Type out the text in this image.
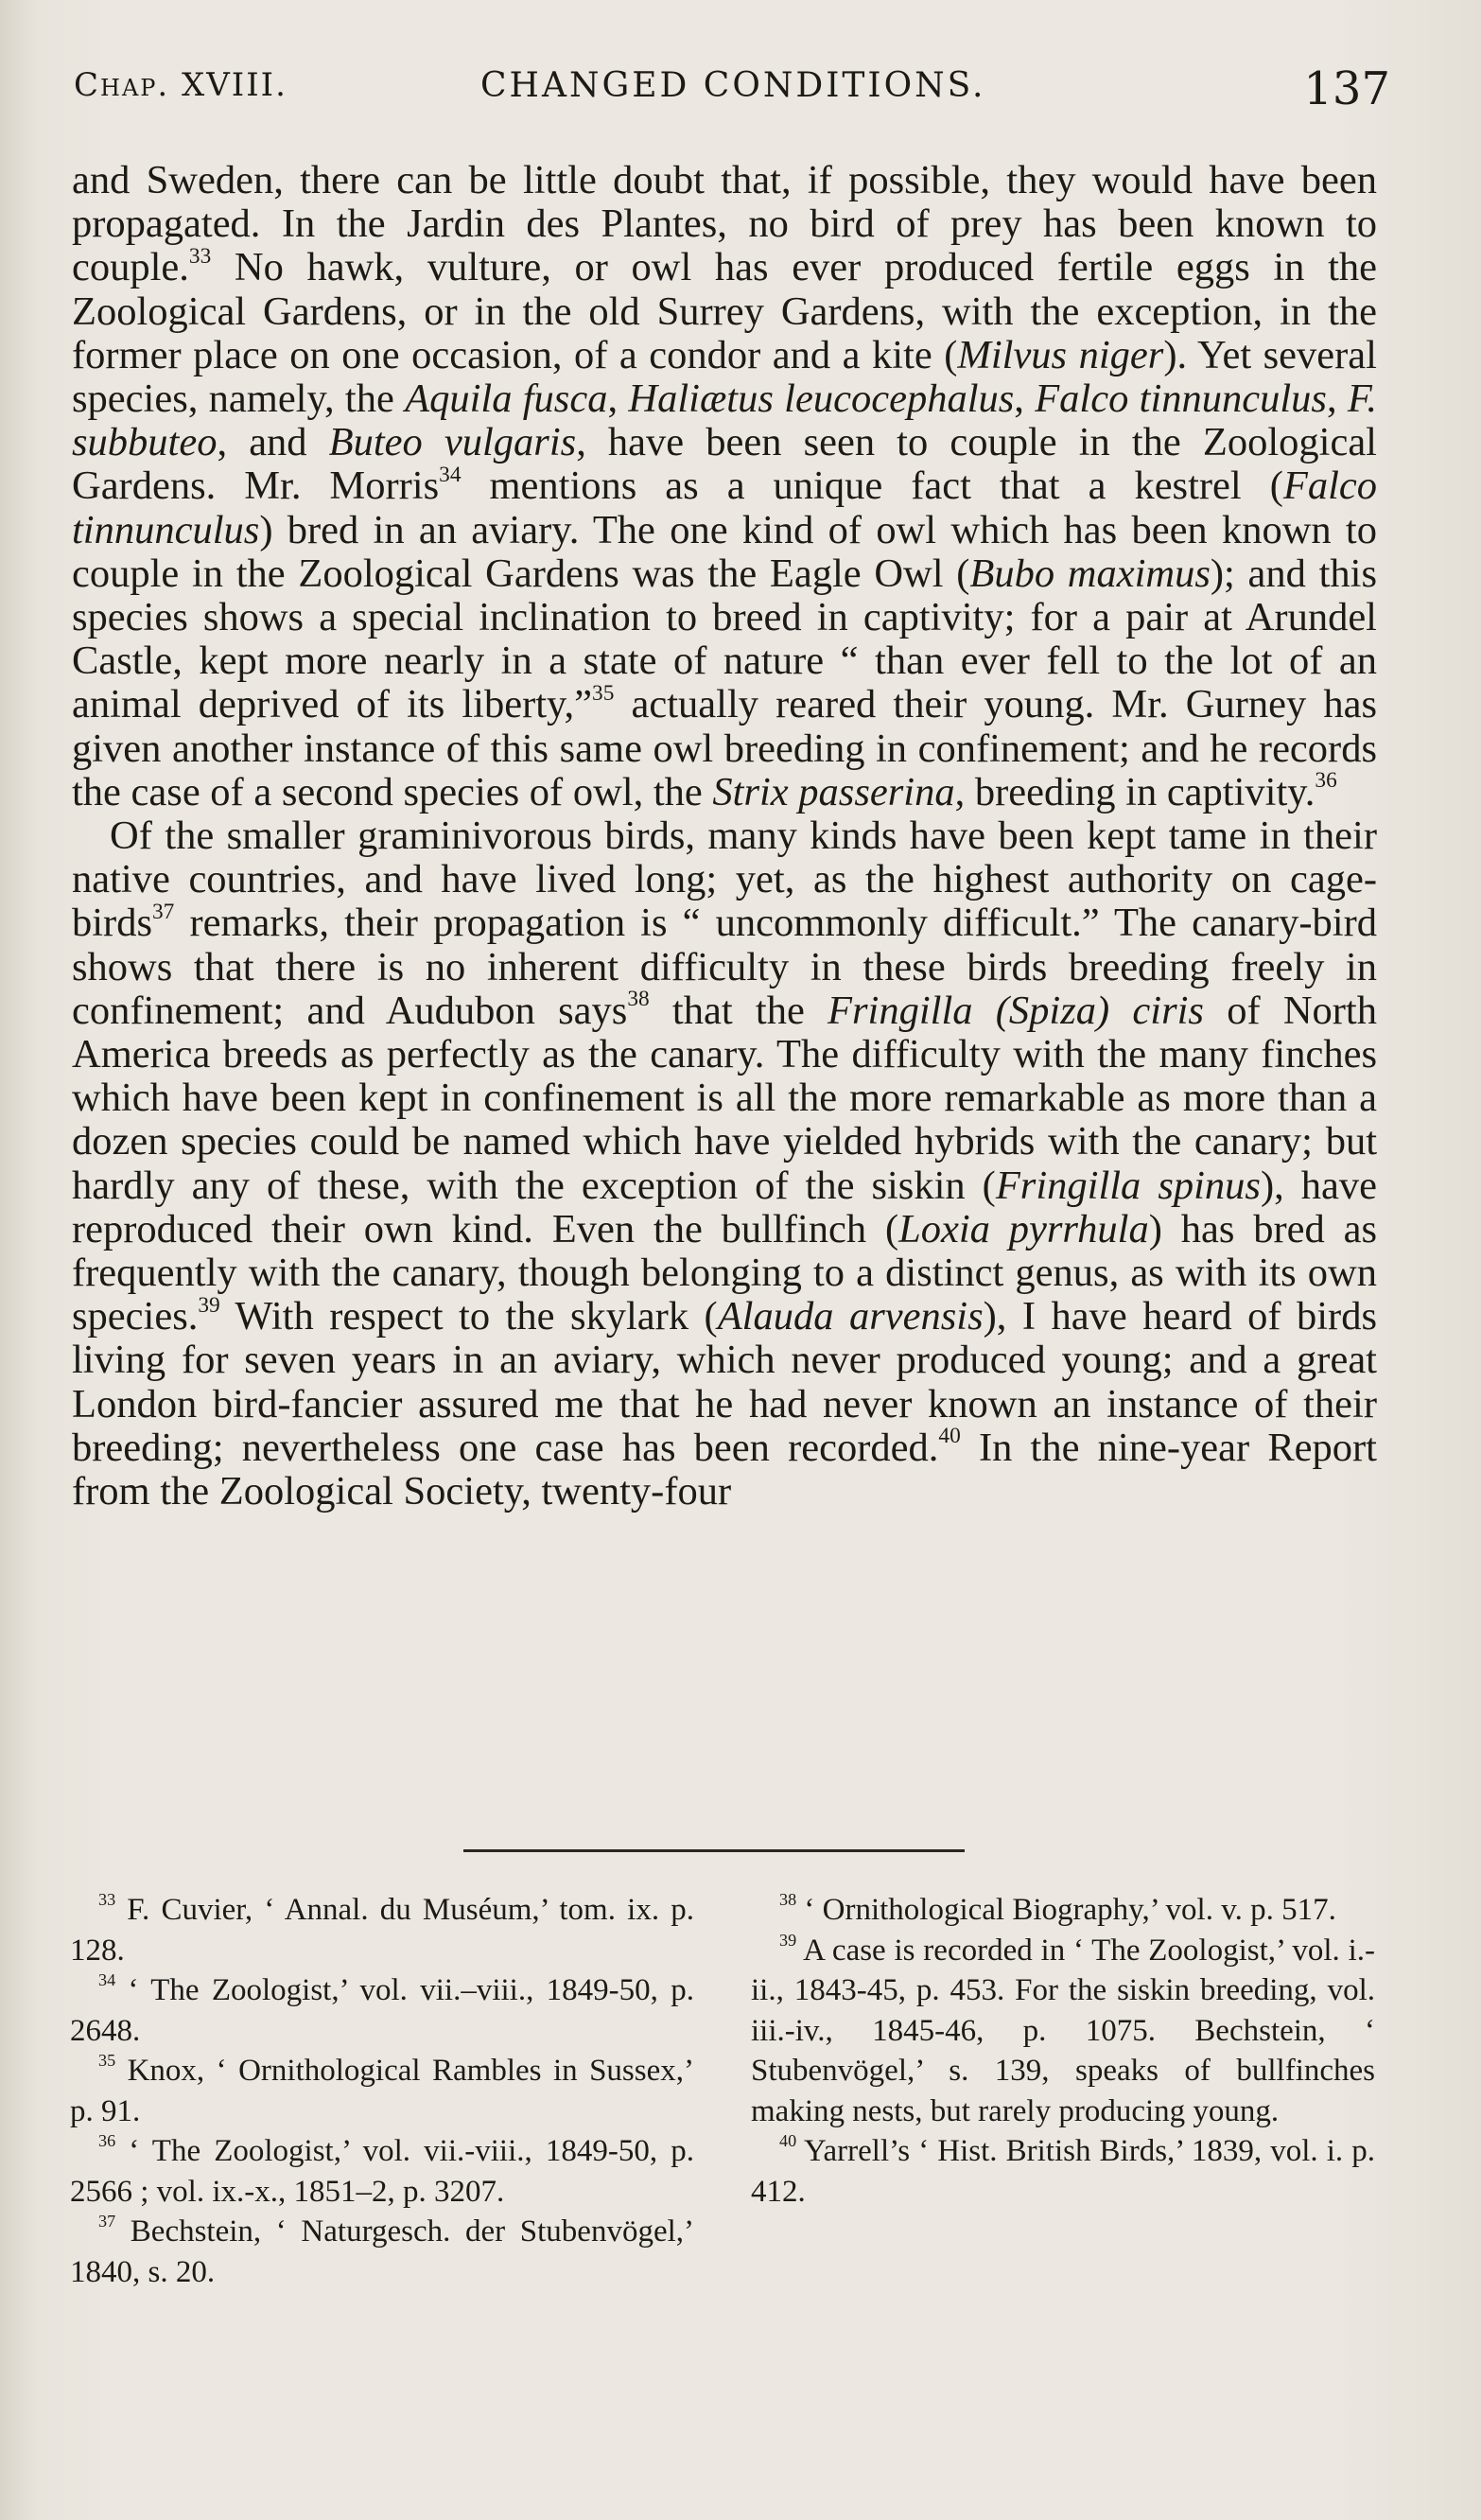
Chap. XVIII.	CHANGED CONDITIONS.	137

and Sweden, there can be little doubt that, if possible, they would have been propagated. In the Jardin des Plantes, no bird of prey has been known to couple.$^{33}$ No hawk, vulture, or owl has ever produced fertile eggs in the Zoological Gardens, or in the old Surrey Gardens, with the exception, in the former place on one occasion, of a condor and a kite (Milvus niger). Yet several species, namely, the Aquila fusca, Haliætus leucocephalus, Falco tinnunculus, F. subbuteo, and Buteo vulgaris, have been seen to couple in the Zoological Gardens. Mr. Morris$^{34}$ mentions as a unique fact that a kestrel (Falco tinnunculus) bred in an aviary. The one kind of owl which has been known to couple in the Zoological Gardens was the Eagle Owl (Bubo maximus); and this species shows a special inclination to breed in captivity; for a pair at Arundel Castle, kept more nearly in a state of nature “ than ever fell to the lot of an animal deprived of its liberty,”$^{35}$ actually reared their young. Mr. Gurney has given another instance of this same owl breeding in confinement; and he records the case of a second species of owl, the Strix passerina, breeding in captivity.$^{36}$

Of the smaller graminivorous birds, many kinds have been kept tame in their native countries, and have lived long; yet, as the highest authority on cage-birds$^{37}$ remarks, their propagation is “ uncommonly difficult.” The canary-bird shows that there is no inherent difficulty in these birds breeding freely in confinement; and Audubon says$^{38}$ that the Fringilla (Spiza) ciris of North America breeds as perfectly as the canary. The difficulty with the many finches which have been kept in confinement is all the more remarkable as more than a dozen species could be named which have yielded hybrids with the canary; but hardly any of these, with the exception of the siskin (Fringilla spinus), have reproduced their own kind. Even the bullfinch (Loxia pyrrhula) has bred as frequently with the canary, though belonging to a distinct genus, as with its own species.$^{39}$ With respect to the skylark (Alauda arvensis), I have heard of birds living for seven years in an aviary, which never produced young; and a great London bird-fancier assured me that he had never known an instance of their breeding; nevertheless one case has been recorded.$^{40}$ In the nine-year Report from the Zoological Society, twenty-four

$^{33}$ F. Cuvier, ‘ Annal. du Muséum,’ tom. ix. p. 128.

$^{34}$ ‘ The Zoologist,’ vol. vii.–viii., 1849-50, p. 2648.

$^{35}$ Knox, ‘ Ornithological Rambles in Sussex,’ p. 91.

$^{36}$ ‘ The Zoologist,’ vol. vii.-viii., 1849-50, p. 2566 ; vol. ix.-x., 1851–2, p. 3207.

$^{37}$ Bechstein, ‘ Naturgesch. der Stubenvögel,’ 1840, s. 20.

$^{38}$ ‘ Ornithological Biography,’ vol. v. p. 517.

$^{39}$ A case is recorded in ‘ The Zoologist,’ vol. i.-ii., 1843-45, p. 453. For the siskin breeding, vol. iii.-iv., 1845-46, p. 1075. Bechstein, ‘ Stubenvögel,’ s. 139, speaks of bullfinches making nests, but rarely producing young.

$^{40}$ Yarrell’s ‘ Hist. British Birds,’ 1839, vol. i. p. 412.
